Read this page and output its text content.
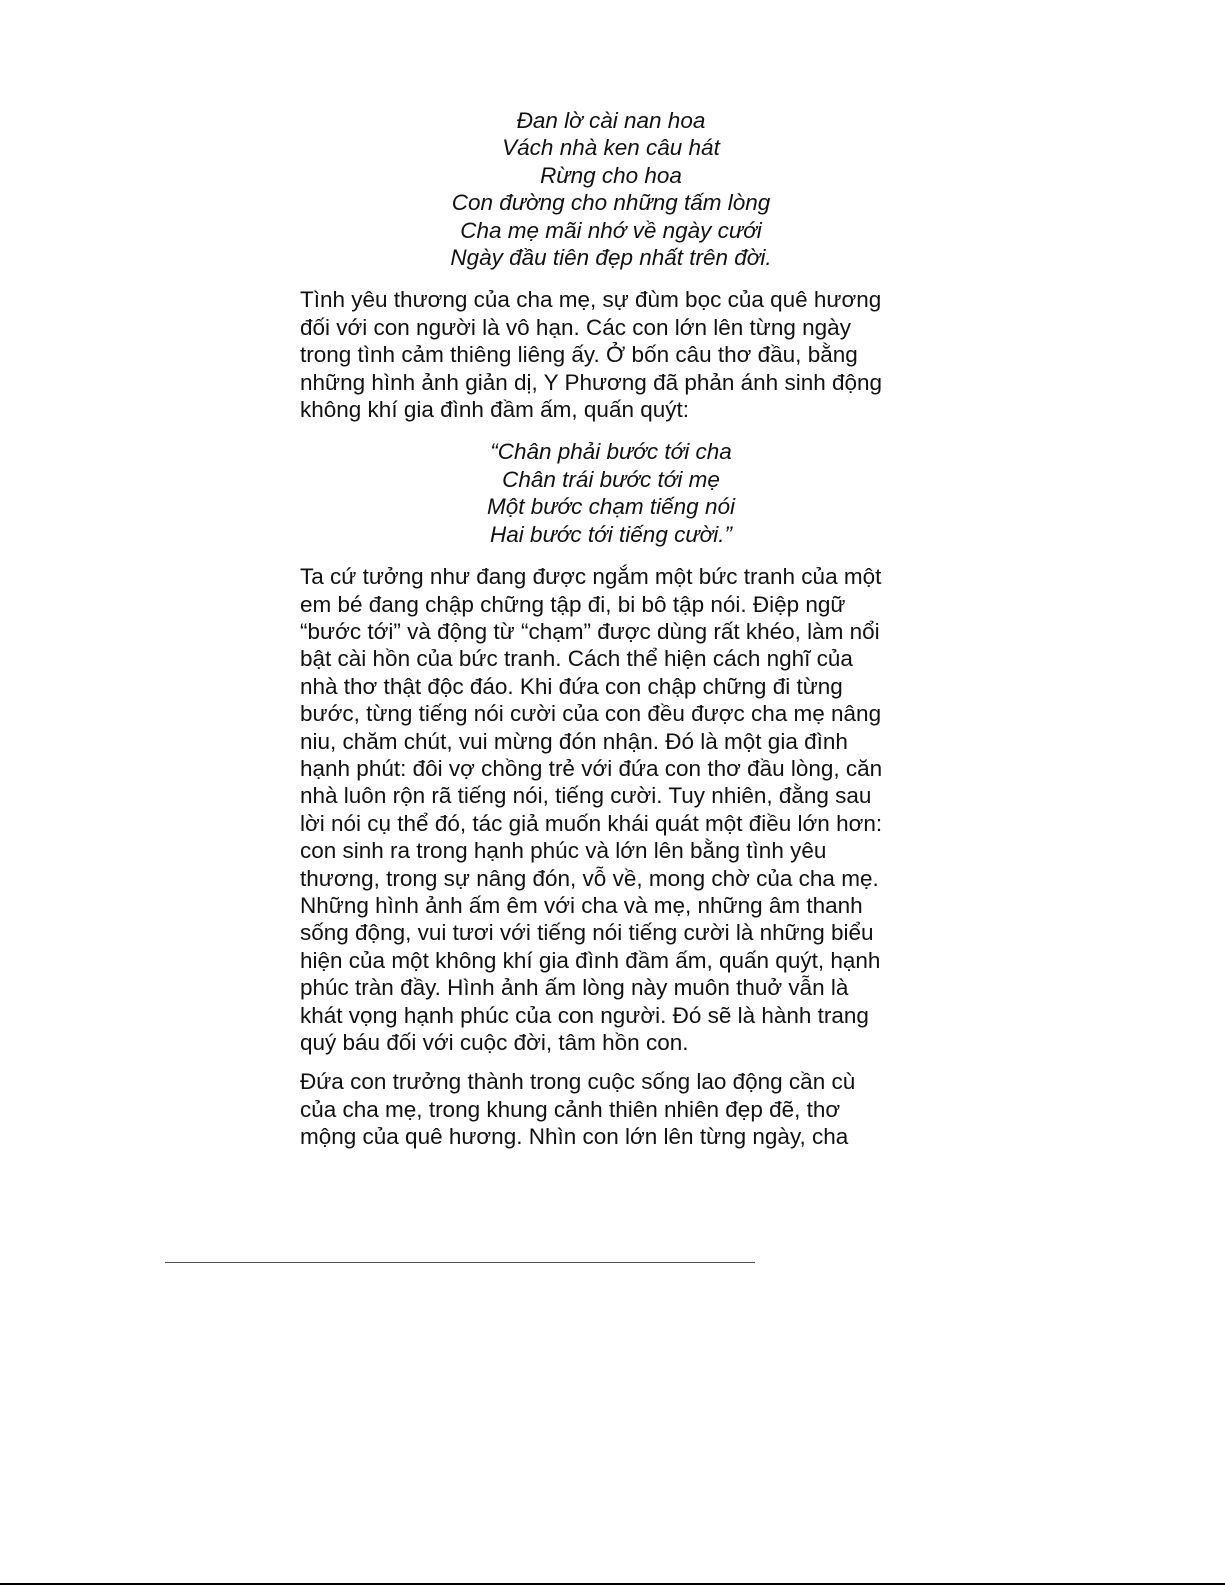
Đan lờ cài nan hoa
Vách nhà ken câu hát
Rừng cho hoa
Con đường cho những tấm lòng
Cha mẹ mãi nhớ về ngày cưới
Ngày đầu tiên đẹp nhất trên đời.

Tình yêu thương của cha mẹ, sự đùm bọc của quê hương
đối với con người là vô hạn. Các con lớn lên từng ngày
trong tình cảm thiêng liêng ấy. Ở bốn câu thơ đầu, bằng
những hình ảnh giản dị, Y Phương đã phản ánh sinh động
không khí gia đình đầm ấm, quấn quýt:

“Chân phải bước tới cha
Chân trái bước tới mẹ
Một bước chạm tiếng nói
Hai bước tới tiếng cười.”

Ta cứ tưởng như đang được ngắm một bức tranh của một
em bé đang chập chững tập đi, bi bô tập nói. Điệp ngữ
“bước tới” và động từ “chạm” được dùng rất khéo, làm nổi
bật cài hồn của bức tranh. Cách thể hiện cách nghĩ của
nhà thơ thật độc đáo. Khi đứa con chập chững đi từng
bước, từng tiếng nói cười của con đều được cha mẹ nâng
niu, chăm chút, vui mừng đón nhận. Đó là một gia đình
hạnh phút: đôi vợ chồng trẻ với đứa con thơ đầu lòng, căn
nhà luôn rộn rã tiếng nói, tiếng cười. Tuy nhiên, đằng sau
lời nói cụ thể đó, tác giả muốn khái quát một điều lớn hơn:
con sinh ra trong hạnh phúc và lớn lên bằng tình yêu
thương, trong sự nâng đón, vỗ về, mong chờ của cha mẹ.
Những hình ảnh ấm êm với cha và mẹ, những âm thanh
sống động, vui tươi với tiếng nói tiếng cười là những biểu
hiện của một không khí gia đình đầm ấm, quấn quýt, hạnh
phúc tràn đầy. Hình ảnh ấm lòng này muôn thuở vẫn là
khát vọng hạnh phúc của con người. Đó sẽ là hành trang
quý báu đối với cuộc đời, tâm hồn con.

Đứa con trưởng thành trong cuộc sống lao động cần cù
của cha mẹ, trong khung cảnh thiên nhiên đẹp đẽ, thơ
mộng của quê hương. Nhìn con lớn lên từng ngày, cha
